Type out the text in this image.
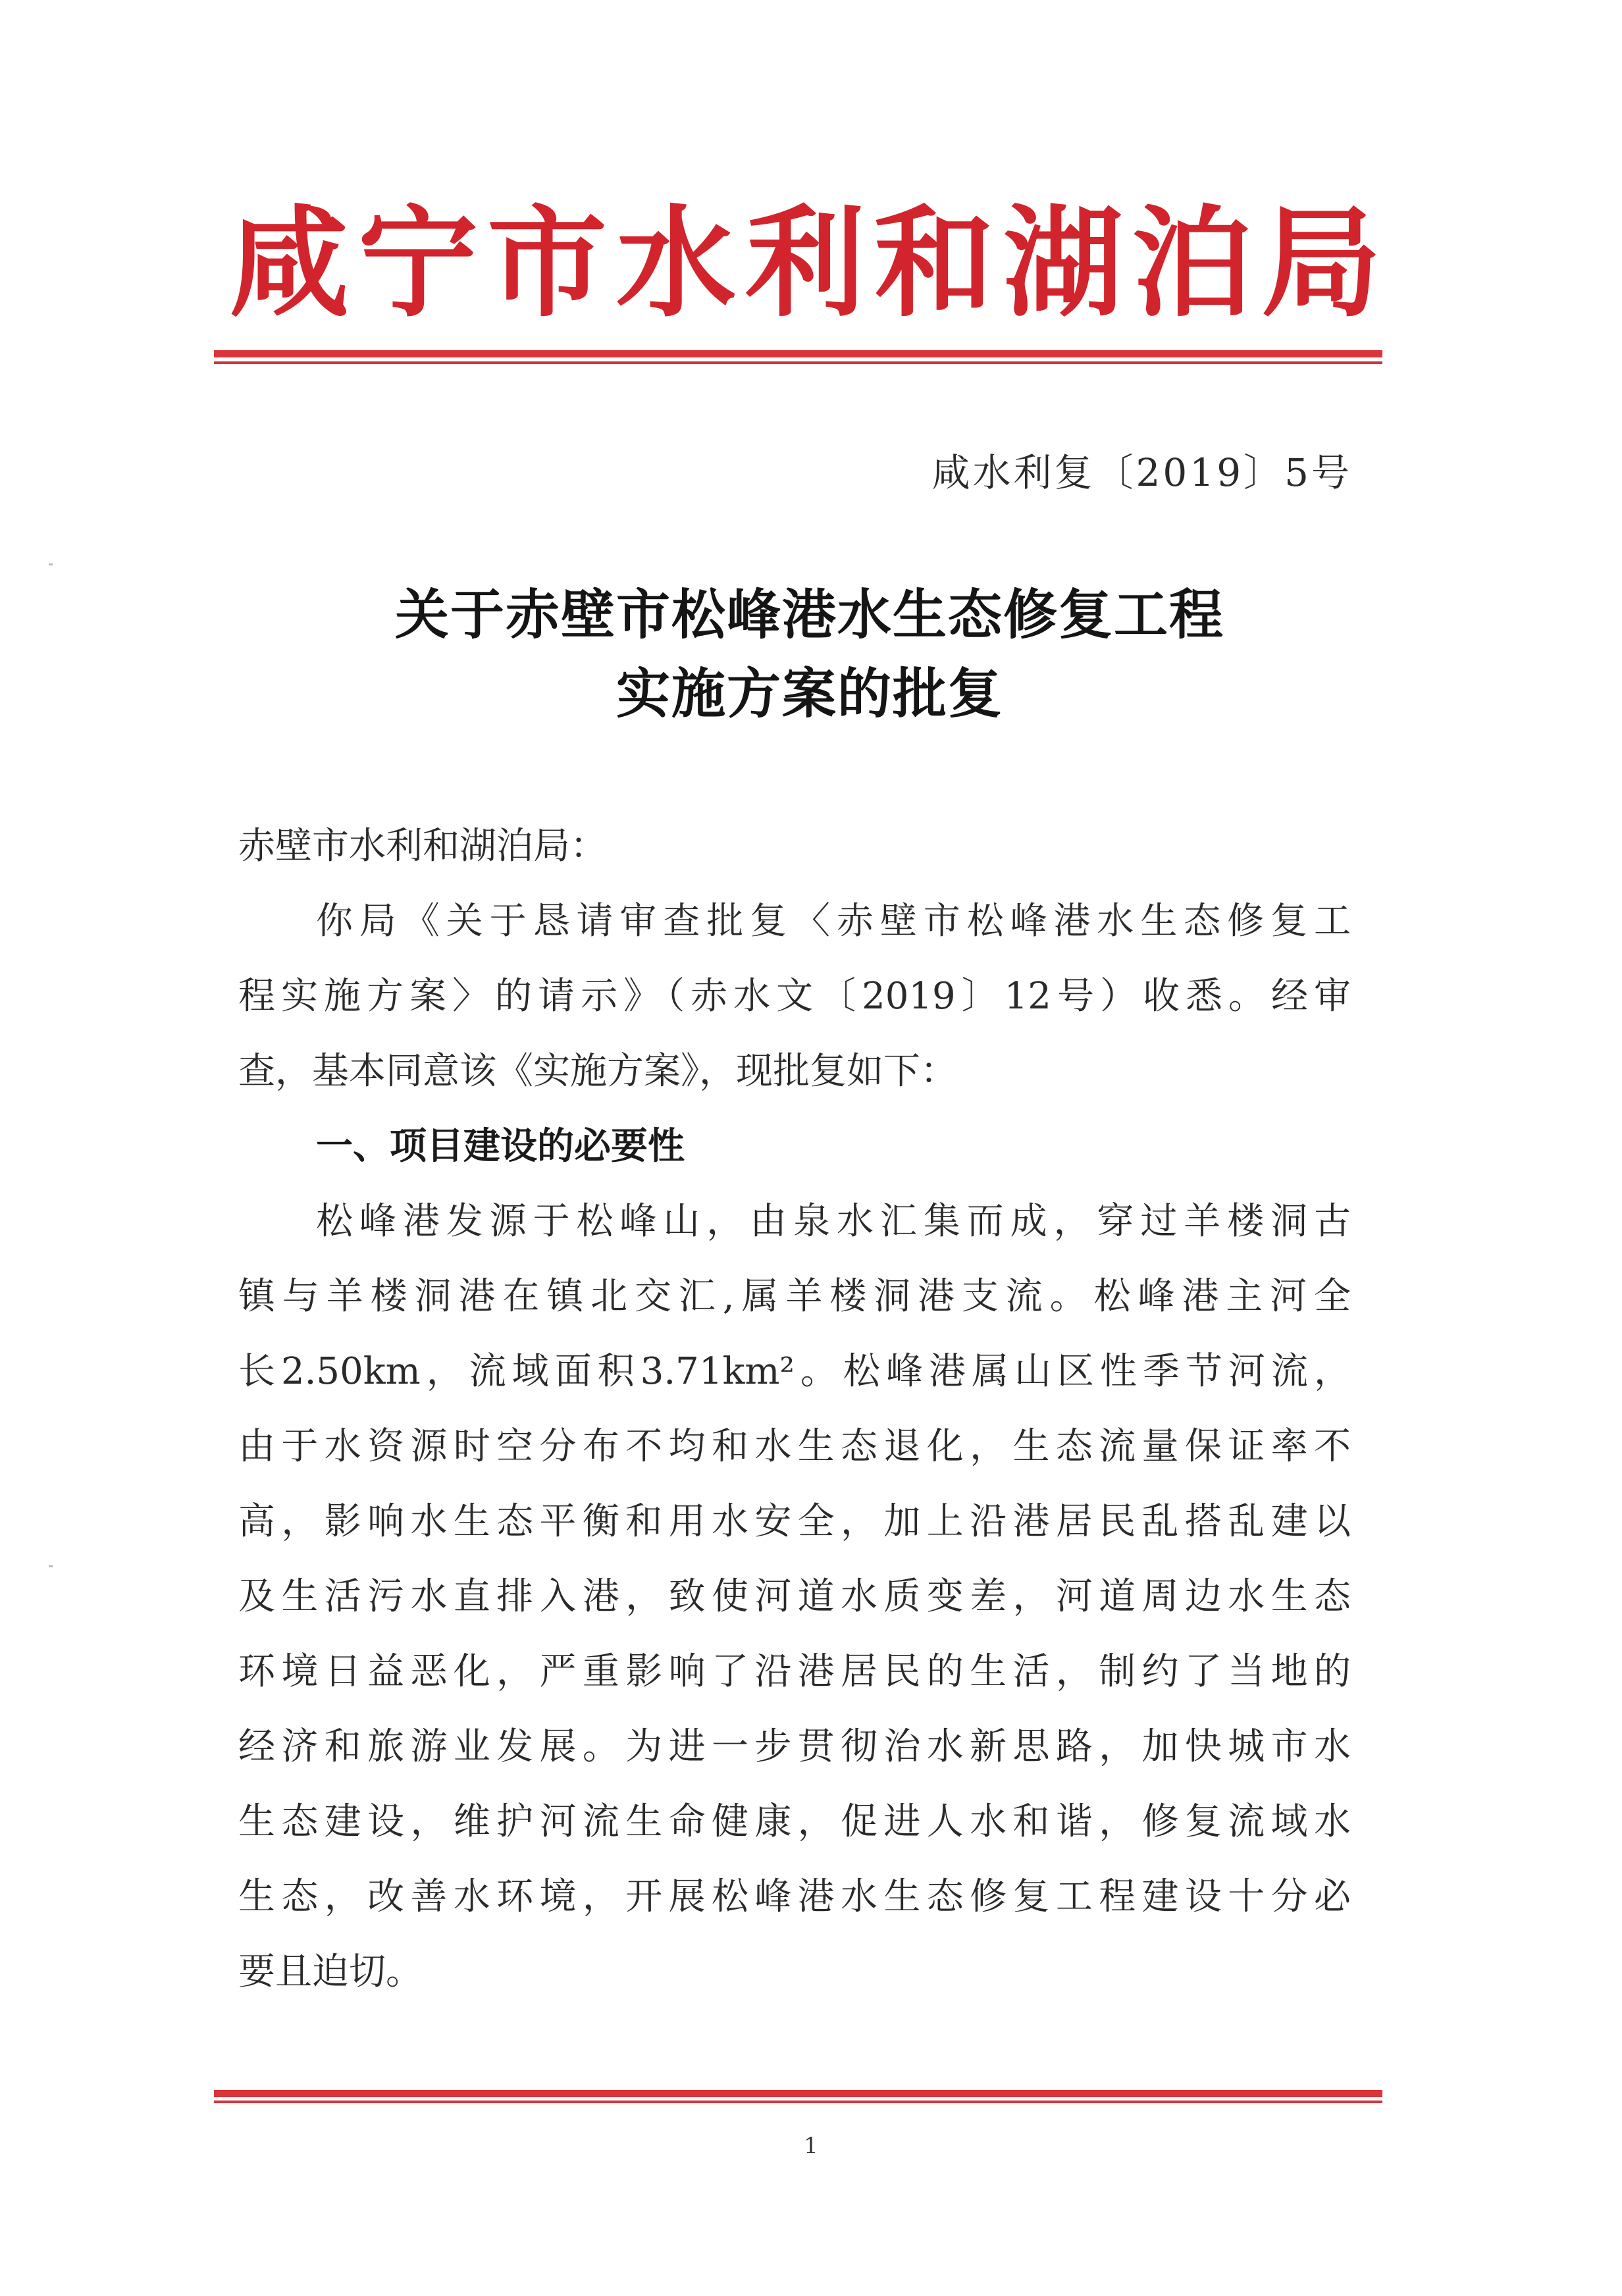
咸宁市水利和湖泊局
咸水利复〔2019〕5号
关于赤壁市松峰港水生态修复工程
实施方案的批复
赤壁市水利和湖泊局：
你局《关于恳请审查批复〈赤壁市松峰港水生态修复工
程实施方案〉的请示》（赤水文〔2019〕12号）收悉。经审
查，基本同意该《实施方案》，现批复如下：
一、项目建设的必要性
松峰港发源于松峰山，由泉水汇集而成，穿过羊楼洞古
镇与羊楼洞港在镇北交汇,属羊楼洞港支流。松峰港主河全
长2.50km，流域面积3.71km²。松峰港属山区性季节河流，
由于水资源时空分布不均和水生态退化，生态流量保证率不
高，影响水生态平衡和用水安全，加上沿港居民乱搭乱建以
及生活污水直排入港，致使河道水质变差，河道周边水生态
环境日益恶化，严重影响了沿港居民的生活，制约了当地的
经济和旅游业发展。为进一步贯彻治水新思路，加快城市水
生态建设，维护河流生命健康，促进人水和谐，修复流域水
生态，改善水环境，开展松峰港水生态修复工程建设十分必
要且迫切。
1
